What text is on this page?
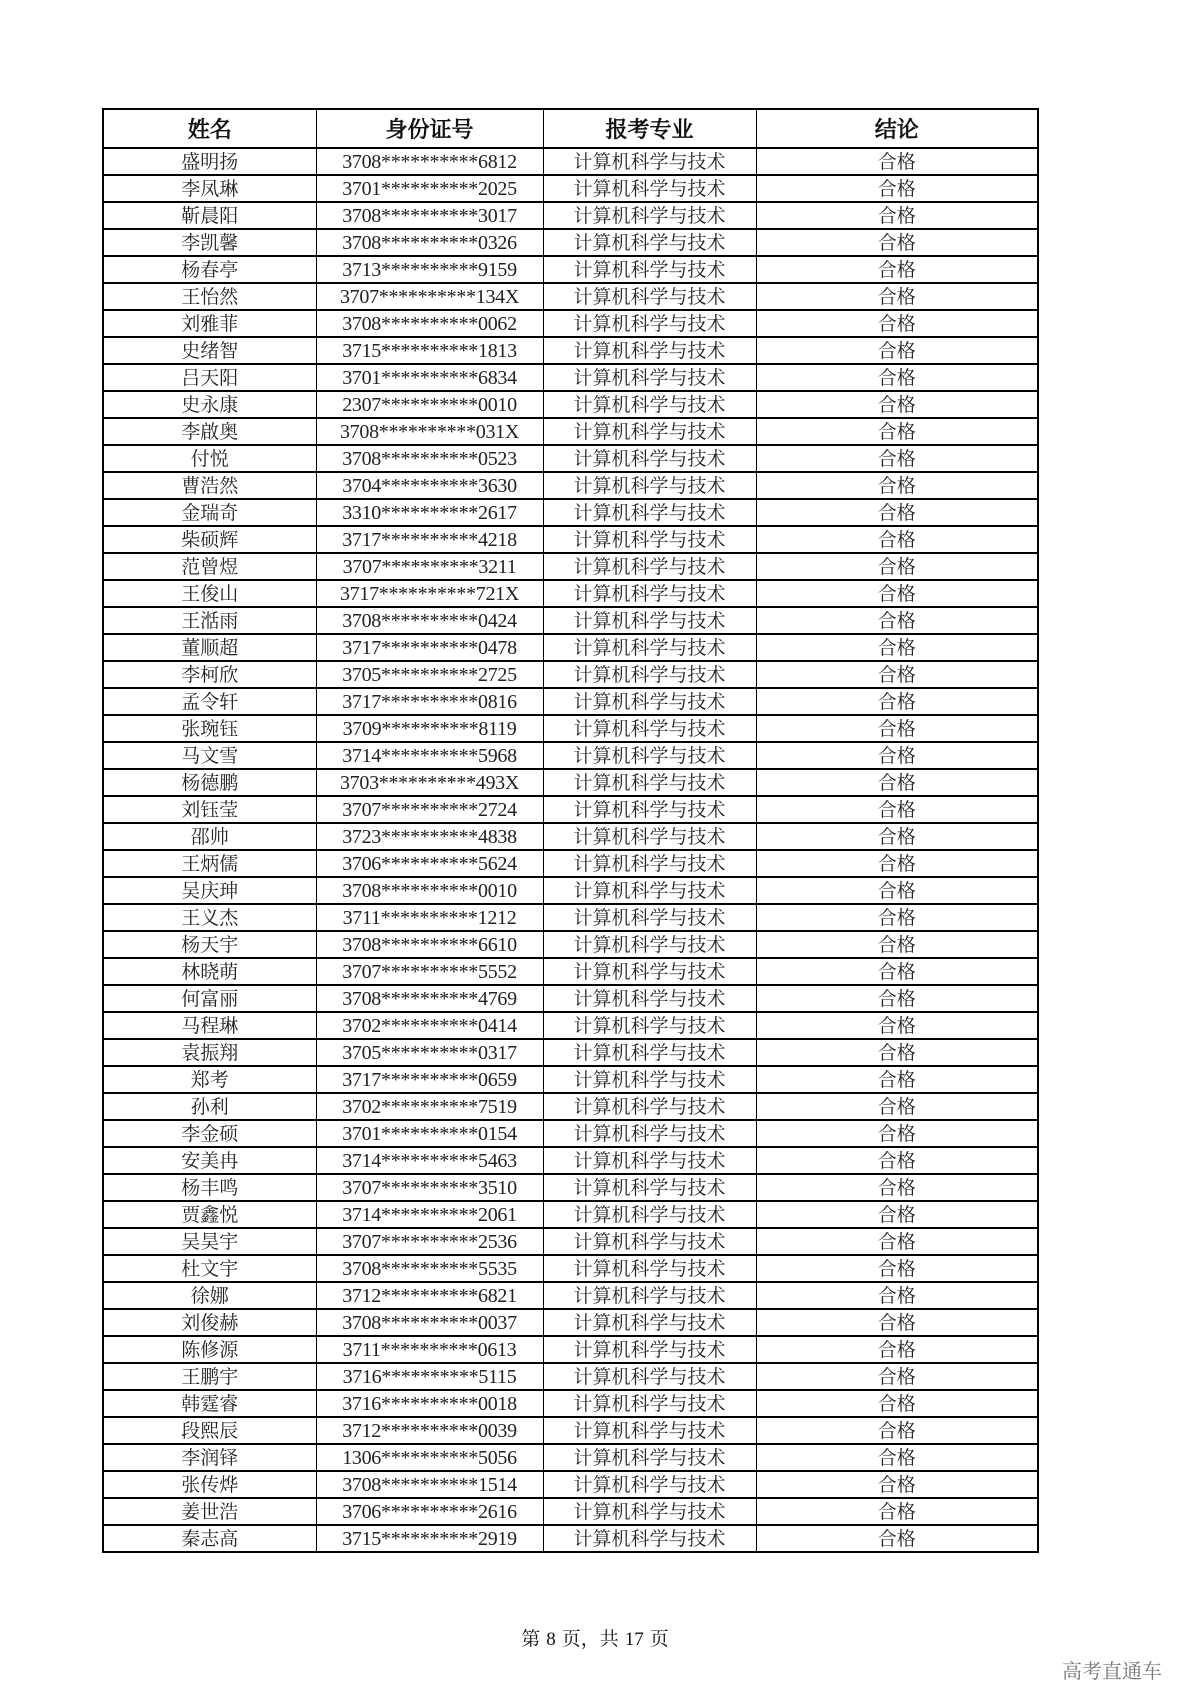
姓名	身份证号	报考专业	结论
盛明扬	3708**********6812	计算机科学与技术	合格
李凤琳	3701**********2025	计算机科学与技术	合格
靳晨阳	3708**********3017	计算机科学与技术	合格
李凯馨	3708**********0326	计算机科学与技术	合格
杨春亭	3713**********9159	计算机科学与技术	合格
王怡然	3707**********134X	计算机科学与技术	合格
刘雅菲	3708**********0062	计算机科学与技术	合格
史绪智	3715**********1813	计算机科学与技术	合格
吕天阳	3701**********6834	计算机科学与技术	合格
史永康	2307**********0010	计算机科学与技术	合格
李啟奥	3708**********031X	计算机科学与技术	合格
付悦	3708**********0523	计算机科学与技术	合格
曹浩然	3704**********3630	计算机科学与技术	合格
金瑞奇	3310**********2617	计算机科学与技术	合格
柴硕辉	3717**********4218	计算机科学与技术	合格
范曾煜	3707**********3211	计算机科学与技术	合格
王俊山	3717**********721X	计算机科学与技术	合格
王湉雨	3708**********0424	计算机科学与技术	合格
董顺超	3717**********0478	计算机科学与技术	合格
李柯欣	3705**********2725	计算机科学与技术	合格
孟令轩	3717**********0816	计算机科学与技术	合格
张琬钰	3709**********8119	计算机科学与技术	合格
马文雪	3714**********5968	计算机科学与技术	合格
杨德鹏	3703**********493X	计算机科学与技术	合格
刘钰莹	3707**********2724	计算机科学与技术	合格
邵帅	3723**********4838	计算机科学与技术	合格
王炳儒	3706**********5624	计算机科学与技术	合格
吴庆珅	3708**********0010	计算机科学与技术	合格
王义杰	3711**********1212	计算机科学与技术	合格
杨天宇	3708**********6610	计算机科学与技术	合格
林晓萌	3707**********5552	计算机科学与技术	合格
何富丽	3708**********4769	计算机科学与技术	合格
马程琳	3702**********0414	计算机科学与技术	合格
袁振翔	3705**********0317	计算机科学与技术	合格
郑考	3717**********0659	计算机科学与技术	合格
孙利	3702**********7519	计算机科学与技术	合格
李金硕	3701**********0154	计算机科学与技术	合格
安美冉	3714**********5463	计算机科学与技术	合格
杨丰鸣	3707**********3510	计算机科学与技术	合格
贾鑫悦	3714**********2061	计算机科学与技术	合格
吴昊宇	3707**********2536	计算机科学与技术	合格
杜文宇	3708**********5535	计算机科学与技术	合格
徐娜	3712**********6821	计算机科学与技术	合格
刘俊赫	3708**********0037	计算机科学与技术	合格
陈修源	3711**********0613	计算机科学与技术	合格
王鹏宇	3716**********5115	计算机科学与技术	合格
韩霆睿	3716**********0018	计算机科学与技术	合格
段熙辰	3712**********0039	计算机科学与技术	合格
李润铎	1306**********5056	计算机科学与技术	合格
张传烨	3708**********1514	计算机科学与技术	合格
姜世浩	3706**********2616	计算机科学与技术	合格
秦志高	3715**********2919	计算机科学与技术	合格
第 8 页，共 17 页
高考直通车
